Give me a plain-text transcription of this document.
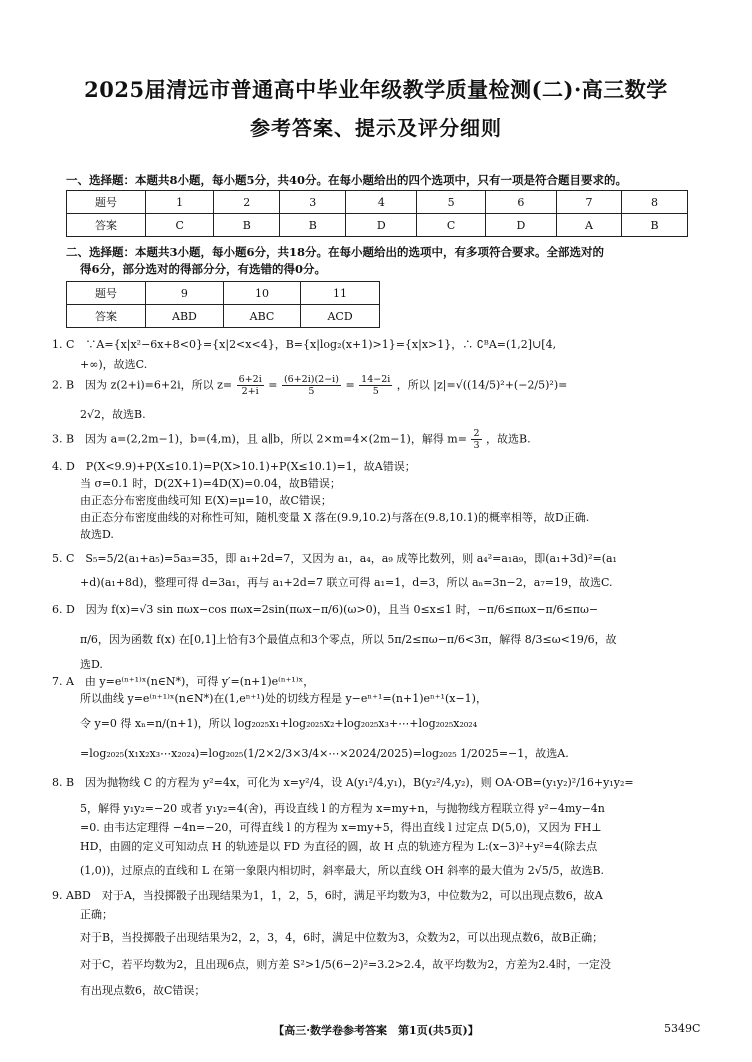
2025届清远市普通高中毕业年级教学质量检测(二)·高三数学
参考答案、提示及评分细则
一、选择题：本题共8小题，每小题5分，共40分。在每小题给出的四个选项中，只有一项是符合题目要求的。
题号	1	2	3	4	5	6	7	8
答案	C	B	B	D	C	D	A	B
二、选择题：本题共3小题，每小题6分，共18分。在每小题给出的选项中，有多项符合要求。全部选对的
得6分，部分选对的得部分分，有选错的得0分。
题号	9	10	11
答案	ABD	ABC	ACD
1. C　∵A={x|x²−6x+8<0}={x|2<x<4}，B={x|log₂(x+1)>1}={x|x>1}，∴ ∁ᴮA=(1,2]∪[4,
+∞)，故选C.
2. B　因为 z(2+i)=6+2i，所以 $z= \frac{6+2i}{2+i} = \frac{(6+2i)(2-i)}{5} = \frac{14-2i}{5}$ ，所以 |z|=√((14/5)²+(−2/5)²)=
2√2，故选B.
3. B　因为 a=(2,2m−1)，b=(4,m)，且 a∥b，所以 2×m=4×(2m−1)，解得 $m= \frac{2}{3}$ ，故选B.
4. D　P(X<9.9)+P(X≤10.1)=P(X>10.1)+P(X≤10.1)=1，故A错误；
当 σ=0.1 时，D(2X+1)=4D(X)=0.04，故B错误；
由正态分布密度曲线可知 E(X)=μ=10，故C错误；
由正态分布密度曲线的对称性可知，随机变量 X 落在(9.9,10.2)与落在(9.8,10.1)的概率相等，故D正确.
故选D.
5. C　S₅=5/2(a₁+a₅)=5a₃=35，即 a₁+2d=7，又因为 a₁，a₄，a₉ 成等比数列，则 a₄²=a₁a₉，即(a₁+3d)²=(a₁
+d)(a₁+8d)，整理可得 d=3a₁，再与 a₁+2d=7 联立可得 a₁=1，d=3，所以 aₙ=3n−2，a₇=19，故选C.
6. D　因为 f(x)=√3 sin πωx−cos πωx=2sin(πωx−π/6)(ω>0)，且当 0≤x≤1 时，−π/6≤πωx−π/6≤πω−
π/6，因为函数 f(x) 在[0,1]上恰有3个最值点和3个零点，所以 5π/2≤πω−π/6<3π，解得 8/3≤ω<19/6，故
选D.
7. A　由 y=e⁽ⁿ⁺¹⁾ˣ(n∈N*)，可得 y′=(n+1)e⁽ⁿ⁺¹⁾ˣ，
所以曲线 y=e⁽ⁿ⁺¹⁾ˣ(n∈N*)在(1,eⁿ⁺¹)处的切线方程是 y−eⁿ⁺¹=(n+1)eⁿ⁺¹(x−1)，
令 y=0 得 xₙ=n/(n+1)，所以 log₂₀₂₅x₁+log₂₀₂₅x₂+log₂₀₂₅x₃+⋯+log₂₀₂₅x₂₀₂₄
=log₂₀₂₅(x₁x₂x₃⋯x₂₀₂₄)=log₂₀₂₅(1/2×2/3×3/4×⋯×2024/2025)=log₂₀₂₅ 1/2025=−1，故选A.
8. B　因为抛物线 C 的方程为 y²=4x，可化为 x=y²/4，设 A(y₁²/4,y₁)，B(y₂²/4,y₂)，则 OA·OB=(y₁y₂)²/16+y₁y₂=
5，解得 y₁y₂=−20 或者 y₁y₂=4(舍)，再设直线 l 的方程为 x=my+n，与抛物线方程联立得 y²−4my−4n
=0. 由韦达定理得 −4n=−20，可得直线 l 的方程为 x=my+5，得出直线 l 过定点 D(5,0)，又因为 FH⊥
HD，由圆的定义可知动点 H 的轨迹是以 FD 为直径的圆，故 H 点的轨迹方程为 L:(x−3)²+y²=4(除去点
(1,0))，过原点的直线和 L 在第一象限内相切时，斜率最大，所以直线 OH 斜率的最大值为 2√5/5，故选B.
9. ABD　对于A，当投掷骰子出现结果为1，1，2，5，6时，满足平均数为3，中位数为2，可以出现点数6，故A
正确；
对于B，当投掷骰子出现结果为2，2，3，4，6时，满足中位数为3，众数为2，可以出现点数6，故B正确；
对于C，若平均数为2，且出现6点，则方差 S²>1/5(6−2)²=3.2>2.4，故平均数为2，方差为2.4时，一定没
有出现点数6，故C错误；
【高三·数学卷参考答案　第1页(共5页)】	5349C
